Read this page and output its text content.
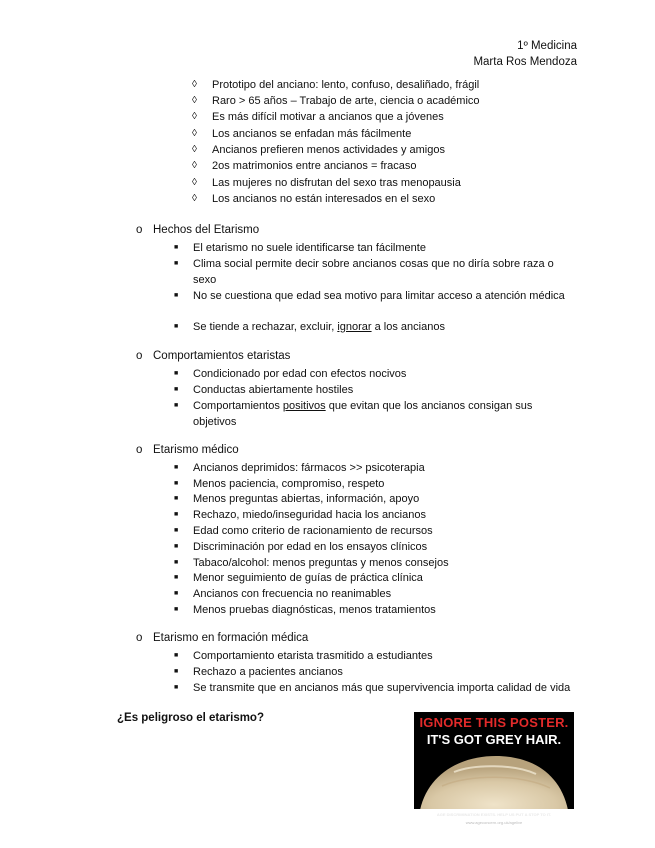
1º Medicina
Marta Ros Mendoza
◊ Prototipo del anciano: lento, confuso, desaliñado, frágil
◊ Raro > 65 años – Trabajo de arte, ciencia o académico
◊ Es más difícil motivar a ancianos que a jóvenes
◊ Los ancianos se enfadan más fácilmente
◊ Ancianos prefieren menos actividades y amigos
◊ 2os matrimonios entre ancianos = fracaso
◊ Las mujeres no disfrutan del sexo tras menopausia
◊ Los ancianos no están interesados en el sexo
o Hechos del Etarismo
■ El etarismo no suele identificarse tan fácilmente
■ Clima social permite decir sobre ancianos cosas que no diría sobre raza o sexo
■ No se cuestiona que edad sea motivo para limitar acceso a atención médica
■ Se tiende a rechazar, excluir, ignorar a los ancianos
o Comportamientos etaristas
■ Condicionado por edad con efectos nocivos
■ Conductas abiertamente hostiles
■ Comportamientos positivos que evitan que los ancianos consigan sus objetivos
o Etarismo médico
■ Ancianos deprimidos: fármacos >> psicoterapia
■ Menos paciencia, compromiso, respeto
■ Menos preguntas abiertas, información, apoyo
■ Rechazo, miedo/inseguridad hacia los ancianos
■ Edad como criterio de racionamiento de recursos
■ Discriminación por edad en los ensayos clínicos
■ Tabaco/alcohol: menos preguntas y menos consejos
■ Menor seguimiento de guías de práctica clínica
■ Ancianos con frecuencia no reanimables
■ Menos pruebas diagnósticas, menos tratamientos
o Etarismo en formación médica
■ Comportamiento etarista trasmitido a estudiantes
■ Rechazo a pacientes ancianos
■ Se transmite que en ancianos más que supervivencia importa calidad de vida
¿Es peligroso el etarismo?	IGNORE THIS POSTER.
IT'S GOT GREY HAIR.
AGE DISCRIMINATION EXISTS. HELP US PUT A STOP TO IT.
www.ageconcern.org.uk/agelive
